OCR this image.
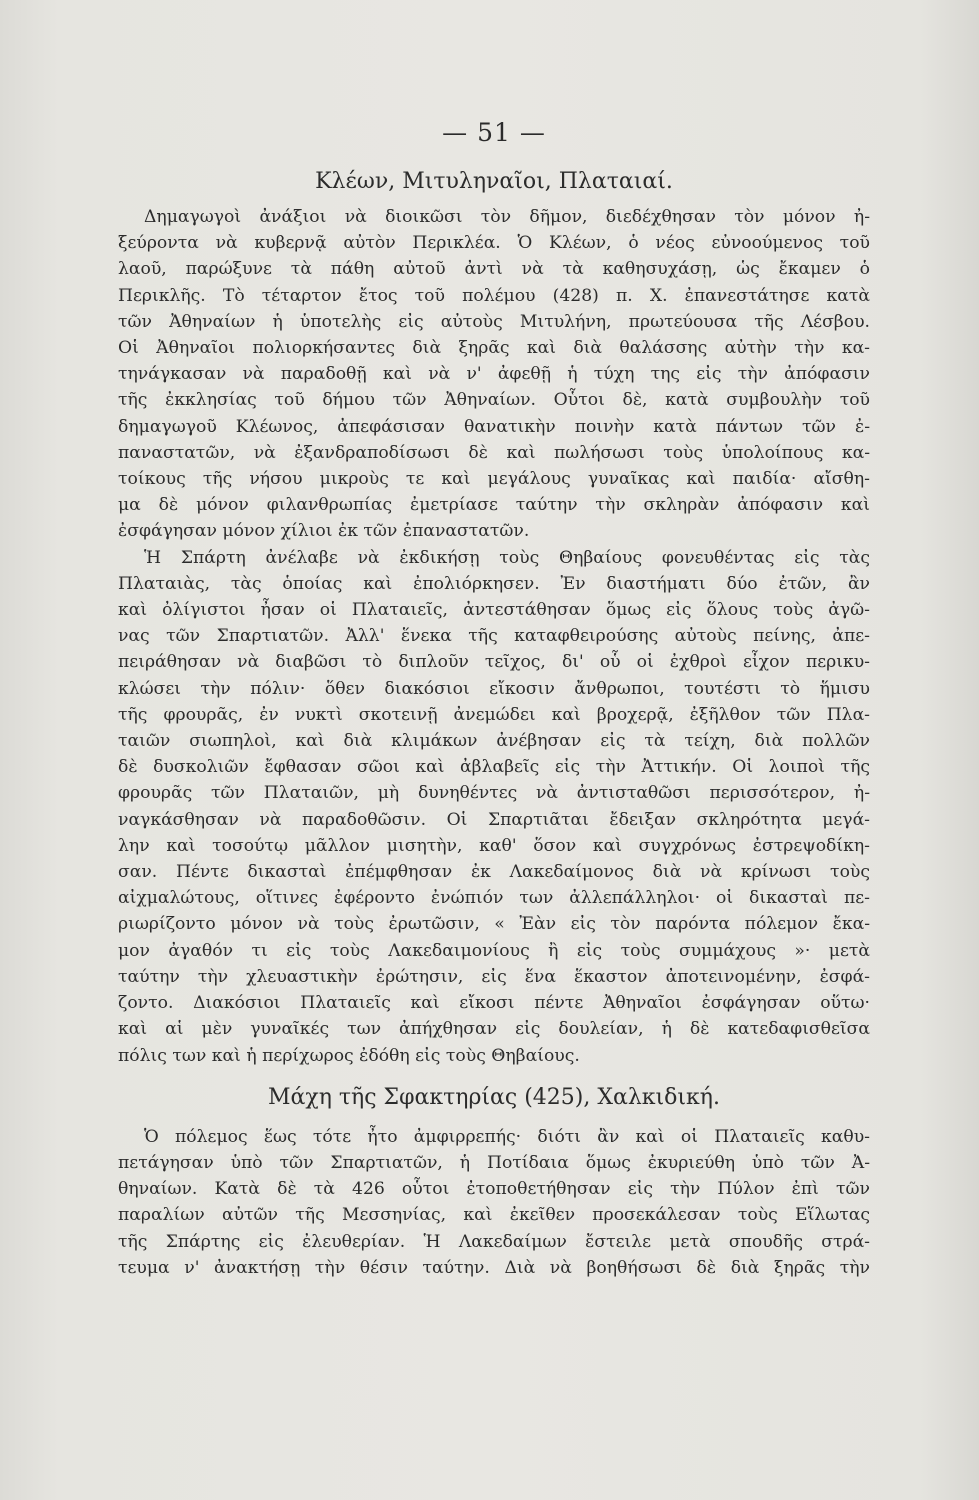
— 51 —
Κλέων, Μιτυληναῖοι, Πλαταιαί.
Δημαγωγοὶ ἀνάξιοι νὰ διοικῶσι τὸν δῆμον, διεδέχθησαν τὸν μόνον ἠ-
ξεύροντα νὰ κυβερνᾷ αὐτὸν Περικλέα. Ὁ Κλέων, ὁ νέος εὐνοούμενος τοῦ
λαοῦ, παρώξυνε τὰ πάθη αὐτοῦ ἀντὶ νὰ τὰ καθησυχάσῃ, ὡς ἔκαμεν ὁ
Περικλῆς. Τὸ τέταρτον ἔτος τοῦ πολέμου (428) π. Χ. ἐπανεστάτησε κατὰ
τῶν Ἀθηναίων ἡ ὑποτελὴς εἰς αὐτοὺς Μιτυλήνη, πρωτεύουσα τῆς Λέσβου.
Οἱ Ἀθηναῖοι πολιορκήσαντες διὰ ξηρᾶς καὶ διὰ θαλάσσης αὐτὴν τὴν κα-
τηνάγκασαν νὰ παραδοθῇ καὶ νὰ ν' ἀφεθῇ ἡ τύχη της εἰς τὴν ἀπόφασιν
τῆς ἐκκλησίας τοῦ δήμου τῶν Ἀθηναίων. Οὗτοι δὲ, κατὰ συμβουλὴν τοῦ
δημαγωγοῦ Κλέωνος, ἀπεφάσισαν θανατικὴν ποινὴν κατὰ πάντων τῶν ἐ-
παναστατῶν, νὰ ἐξανδραποδίσωσι δὲ καὶ πωλήσωσι τοὺς ὑπολοίπους κα-
τοίκους τῆς νήσου μικροὺς τε καὶ μεγάλους γυναῖκας καὶ παιδία· αἴσθη-
μα δὲ μόνον φιλανθρωπίας ἐμετρίασε ταύτην τὴν σκληρὰν ἀπόφασιν καὶ
ἐσφάγησαν μόνον χίλιοι ἐκ τῶν ἐπαναστατῶν.
Ἡ Σπάρτη ἀνέλαβε νὰ ἐκδικήσῃ τοὺς Θηβαίους φονευθέντας εἰς τὰς
Πλαταιὰς, τὰς ὁποίας καὶ ἐπολιόρκησεν. Ἐν διαστήματι δύο ἐτῶν, ἂν
καὶ ὀλίγιστοι ἦσαν οἱ Πλαταιεῖς, ἀντεστάθησαν ὅμως εἰς ὅλους τοὺς ἀγῶ-
νας τῶν Σπαρτιατῶν. Ἀλλ' ἕνεκα τῆς καταφθειρούσης αὐτοὺς πείνης, ἀπε-
πειράθησαν νὰ διαβῶσι τὸ διπλοῦν τεῖχος, δι' οὗ οἱ ἐχθροὶ εἶχον περικυ-
κλώσει τὴν πόλιν· ὅθεν διακόσιοι εἴκοσιν ἄνθρωποι, τουτέστι τὸ ἥμισυ
τῆς φρουρᾶς, ἐν νυκτὶ σκοτεινῇ ἀνεμώδει καὶ βροχερᾷ, ἐξῆλθον τῶν Πλα-
ταιῶν σιωπηλοὶ, καὶ διὰ κλιμάκων ἀνέβησαν εἰς τὰ τείχη, διὰ πολλῶν
δὲ δυσκολιῶν ἔφθασαν σῶοι καὶ ἀβλαβεῖς εἰς τὴν Ἀττικήν. Οἱ λοιποὶ τῆς
φρουρᾶς τῶν Πλαταιῶν, μὴ δυνηθέντες νὰ ἀντισταθῶσι περισσότερον, ἠ-
ναγκάσθησαν νὰ παραδοθῶσιν. Οἱ Σπαρτιᾶται ἔδειξαν σκληρότητα μεγά-
λην καὶ τοσούτῳ μᾶλλον μισητὴν, καθ' ὅσον καὶ συγχρόνως ἐστρεψοδίκη-
σαν. Πέντε δικασταὶ ἐπέμφθησαν ἐκ Λακεδαίμονος διὰ νὰ κρίνωσι τοὺς
αἰχμαλώτους, οἵτινες ἐφέροντο ἐνώπιόν των ἀλλεπάλληλοι· οἱ δικασταὶ πε-
ριωρίζοντο μόνον νὰ τοὺς ἐρωτῶσιν, « Ἐὰν εἰς τὸν παρόντα πόλεμον ἔκα-
μον ἀγαθόν τι εἰς τοὺς Λακεδαιμονίους ἢ εἰς τοὺς συμμάχους »· μετὰ
ταύτην τὴν χλευαστικὴν ἐρώτησιν, εἰς ἕνα ἕκαστον ἀποτεινομένην, ἐσφά-
ζοντο. Διακόσιοι Πλαταιεῖς καὶ εἴκοσι πέντε Ἀθηναῖοι ἐσφάγησαν οὕτω·
καὶ αἱ μὲν γυναῖκές των ἀπήχθησαν εἰς δουλείαν, ἡ δὲ κατεδαφισθεῖσα
πόλις των καὶ ἡ περίχωρος ἐδόθη εἰς τοὺς Θηβαίους.
Μάχη τῆς Σφακτηρίας (425), Χαλκιδική.
Ὁ πόλεμος ἕως τότε ἦτο ἀμφιρρεπής· διότι ἂν καὶ οἱ Πλαταιεῖς καθυ-
πετάγησαν ὑπὸ τῶν Σπαρτιατῶν, ἡ Ποτίδαια ὅμως ἐκυριεύθη ὑπὸ τῶν Ἀ-
θηναίων. Κατὰ δὲ τὰ 426 οὗτοι ἐτοποθετήθησαν εἰς τὴν Πύλον ἐπὶ τῶν
παραλίων αὐτῶν τῆς Μεσσηνίας, καὶ ἐκεῖθεν προσεκάλεσαν τοὺς Εἵλωτας
τῆς Σπάρτης εἰς ἐλευθερίαν. Ἡ Λακεδαίμων ἔστειλε μετὰ σπουδῆς στρά-
τευμα ν' ἀνακτήσῃ τὴν θέσιν ταύτην. Διὰ νὰ βοηθήσωσι δὲ διὰ ξηρᾶς τὴν
